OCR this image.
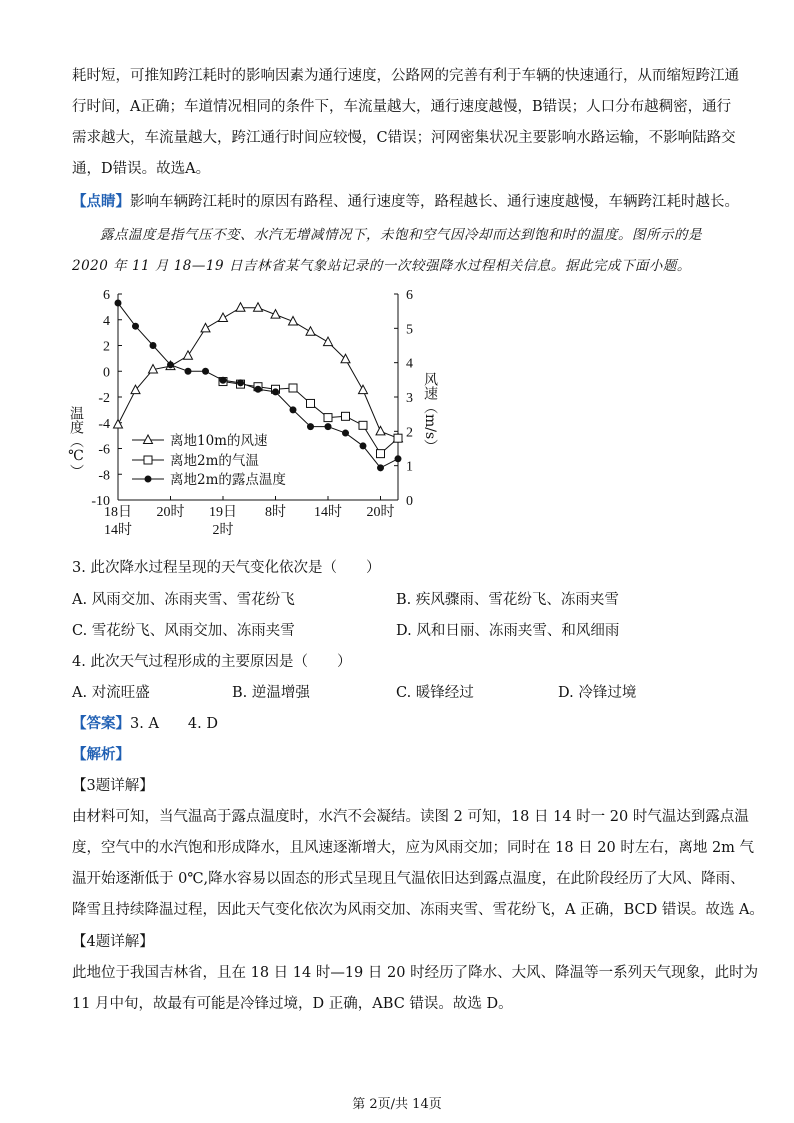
耗时短，可推知跨江耗时的影响因素为通行速度，公路网的完善有利于车辆的快速通行，从而缩短跨江通
行时间，A正确；车道情况相同的条件下，车流量越大，通行速度越慢，B错误；人口分布越稠密，通行
需求越大，车流量越大，跨江通行时间应较慢，C错误；河网密集状况主要影响水路运输，不影响陆路交
通，D错误。故选A。
【点睛】影响车辆跨江耗时的原因有路程、通行速度等，路程越长、通行速度越慢，车辆跨江耗时越长。
露点温度是指气压不变、水汽无增减情况下，未饱和空气因冷却而达到饱和时的温度。图所示的是
2020 年 11 月 18—19 日吉林省某气象站记录的一次较强降水过程相关信息。据此完成下面小题。
6
4
2
0
-2
-4
-6
-8
-10
6
5
4
3
2
1
0
18日
14时
20时 19日
2时
8时 14时 20时
温度（℃）	风速（m/s）
离地10m的风速
离地2m的气温
离地2m的露点温度
3. 此次降水过程呈现的天气变化依次是（　　）
A. 风雨交加、冻雨夹雪、雪花纷飞	B. 疾风骤雨、雪花纷飞、冻雨夹雪
C. 雪花纷飞、风雨交加、冻雨夹雪	D. 风和日丽、冻雨夹雪、和风细雨
4. 此次天气过程形成的主要原因是（　　）
A. 对流旺盛	B. 逆温增强	C. 暖锋经过	D. 冷锋过境
【答案】3. A　　4. D
【解析】
【3题详解】
由材料可知，当气温高于露点温度时，水汽不会凝结。读图 2 可知，18 日 14 时一 20 时气温达到露点温
度，空气中的水汽饱和形成降水，且风速逐渐增大，应为风雨交加；同时在 18 日 20 时左右，离地 2m 气
温开始逐渐低于 0℃,降水容易以固态的形式呈现且气温依旧达到露点温度，在此阶段经历了大风、降雨、
降雪且持续降温过程，因此天气变化依次为风雨交加、冻雨夹雪、雪花纷飞，A 正确，BCD 错误。故选 A。
【4题详解】
此地位于我国吉林省，且在 18 日 14 时—19 日 20 时经历了降水、大风、降温等一系列天气现象，此时为
11 月中旬，故最有可能是冷锋过境，D 正确，ABC 错误。故选 D。
第 2页/共 14页
